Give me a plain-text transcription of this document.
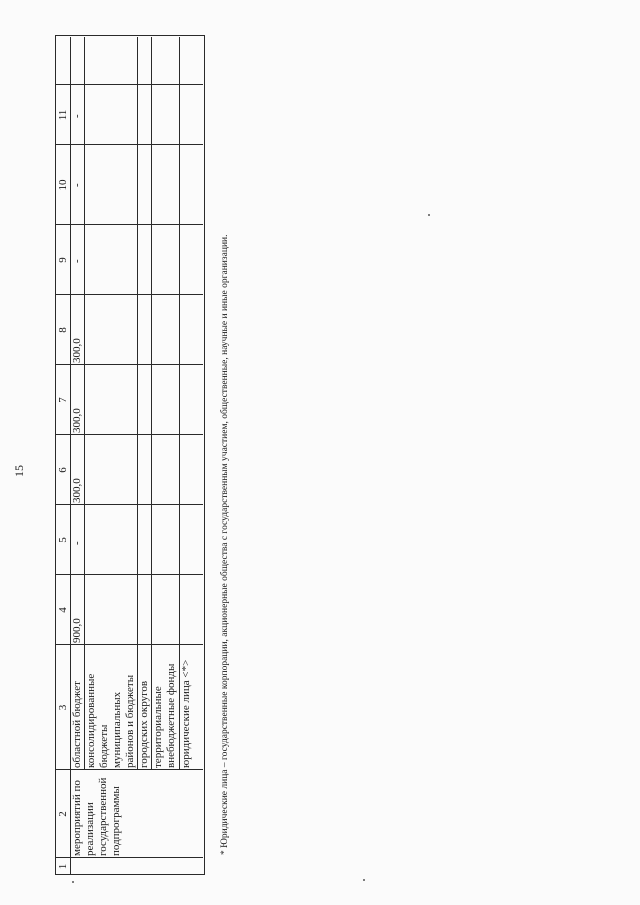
15
1
2
3
4
5
6
7
8
9
10
11
мероприятий по реализации государственной подпрограммы
областной бюджет консолидированные бюджеты муниципальных районов и бюджеты городских округов территориальные внебюджетные фонды юридические лица <*>
900,0
-
300,0
300,0
300,0
-
-
-
* Юридические лица – государственные корпорации, акционерные общества с государственным участием, общественные, научные и иные организации.
